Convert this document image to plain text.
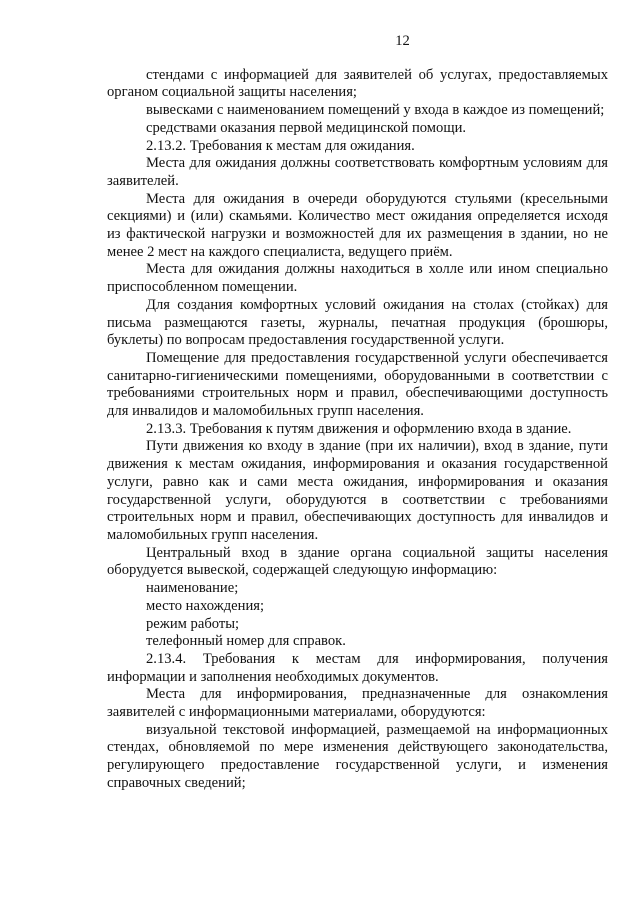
12

стендами с информацией для заявителей об услугах, предоставляемых органом социальной защиты населения;

вывесками с наименованием помещений у входа в каждое из помещений;

средствами оказания первой медицинской помощи.

2.13.2. Требования к местам для ожидания.

Места для ожидания должны соответствовать комфортным условиям для заявителей.

Места для ожидания в очереди оборудуются стульями (кресельными секциями) и (или) скамьями. Количество мест ожидания определяется исходя из фактической нагрузки и возможностей для их размещения в здании, но не менее 2 мест на каждого специалиста, ведущего приём.

Места для ожидания должны находиться в холле или ином специально приспособленном помещении.

Для создания комфортных условий ожидания на столах (стойках) для письма размещаются газеты, журналы, печатная продукция (брошюры, буклеты) по вопросам предоставления государственной услуги.

Помещение для предоставления государственной услуги обеспечивается санитарно-гигиеническими помещениями, оборудованными в соответствии с требованиями строительных норм и правил, обеспечивающими доступность для инвалидов и маломобильных групп населения.

2.13.3. Требования к путям движения и оформлению входа в здание.

Пути движения ко входу в здание (при их наличии), вход в здание, пути движения к местам ожидания, информирования и оказания государственной услуги, равно как и сами места ожидания, информирования и оказания государственной услуги, оборудуются в соответствии с требованиями строительных норм и правил, обеспечивающих доступность для инвалидов и маломобильных групп населения.

Центральный вход в здание органа социальной защиты населения оборудуется вывеской, содержащей следующую информацию:

наименование;

место нахождения;

режим работы;

телефонный номер для справок.

2.13.4. Требования к местам для информирования, получения информации и заполнения необходимых документов.

Места для информирования, предназначенные для ознакомления заявителей с информационными материалами, оборудуются:

визуальной текстовой информацией, размещаемой на информационных стендах, обновляемой по мере изменения действующего законодательства, регулирующего предоставление государственной услуги, и изменения справочных сведений;
